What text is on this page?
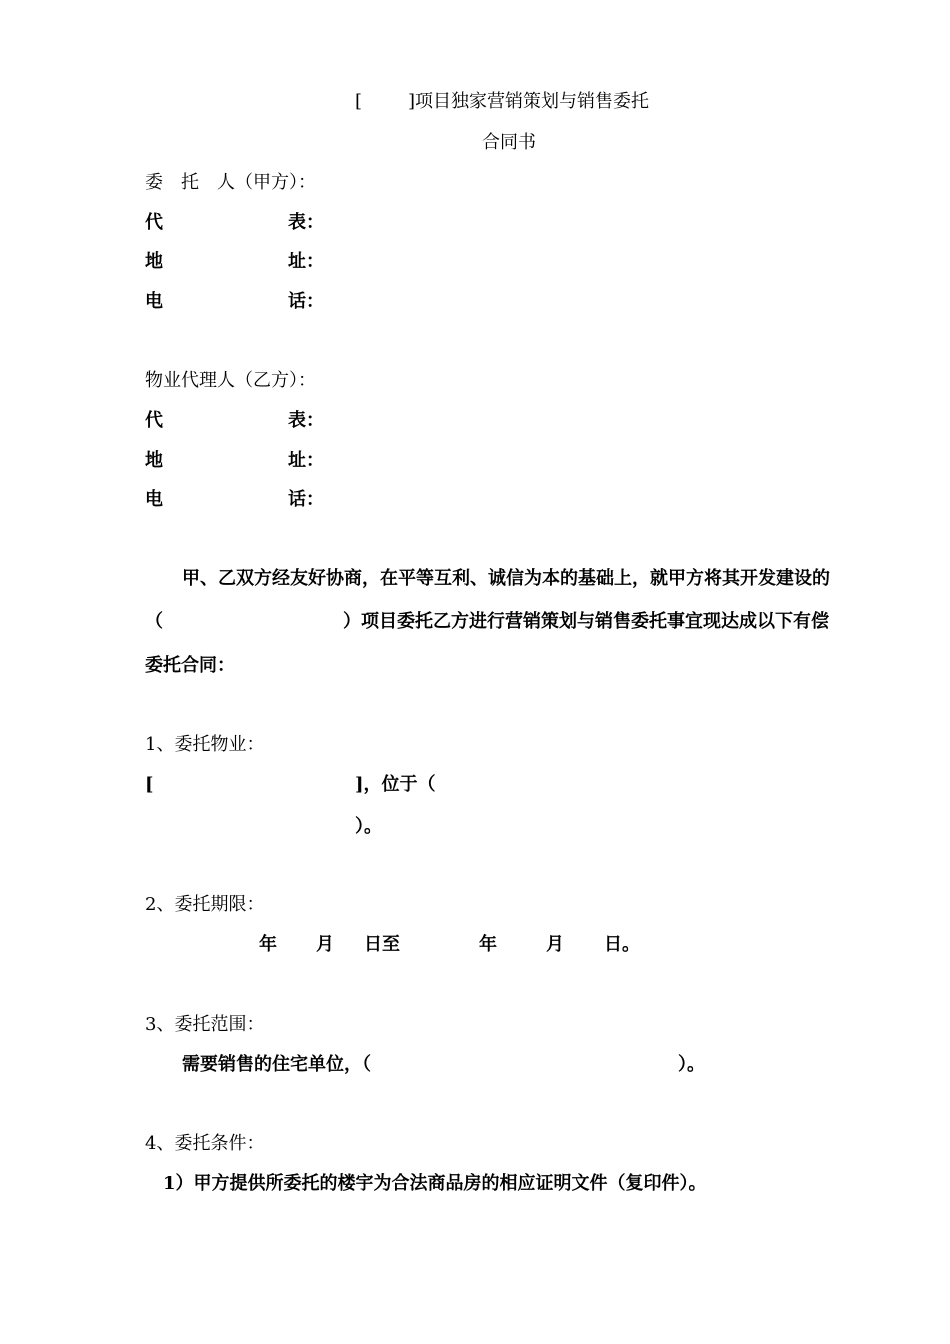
[	]项目独家营销策划与销售委托
合同书
委　托　人（甲方）：
代	表：
地	址：
电	话：
物业代理人（乙方）：
代	表：
地	址：
电	话：
甲、乙双方经友好协商，在平等互利、诚信为本的基础上，就甲方将其开发建设的
（	）项目委托乙方进行营销策划与销售委托事宜现达成以下有偿
委托合同：
1、委托物业：
[	]，位于（
）。
2、委托期限：
年 月 日至	年	月 日。
3、委托范围：
需要销售的住宅单位，（	）。
4、委托条件：
1）甲方提供所委托的楼宇为合法商品房的相应证明文件（复印件）。
